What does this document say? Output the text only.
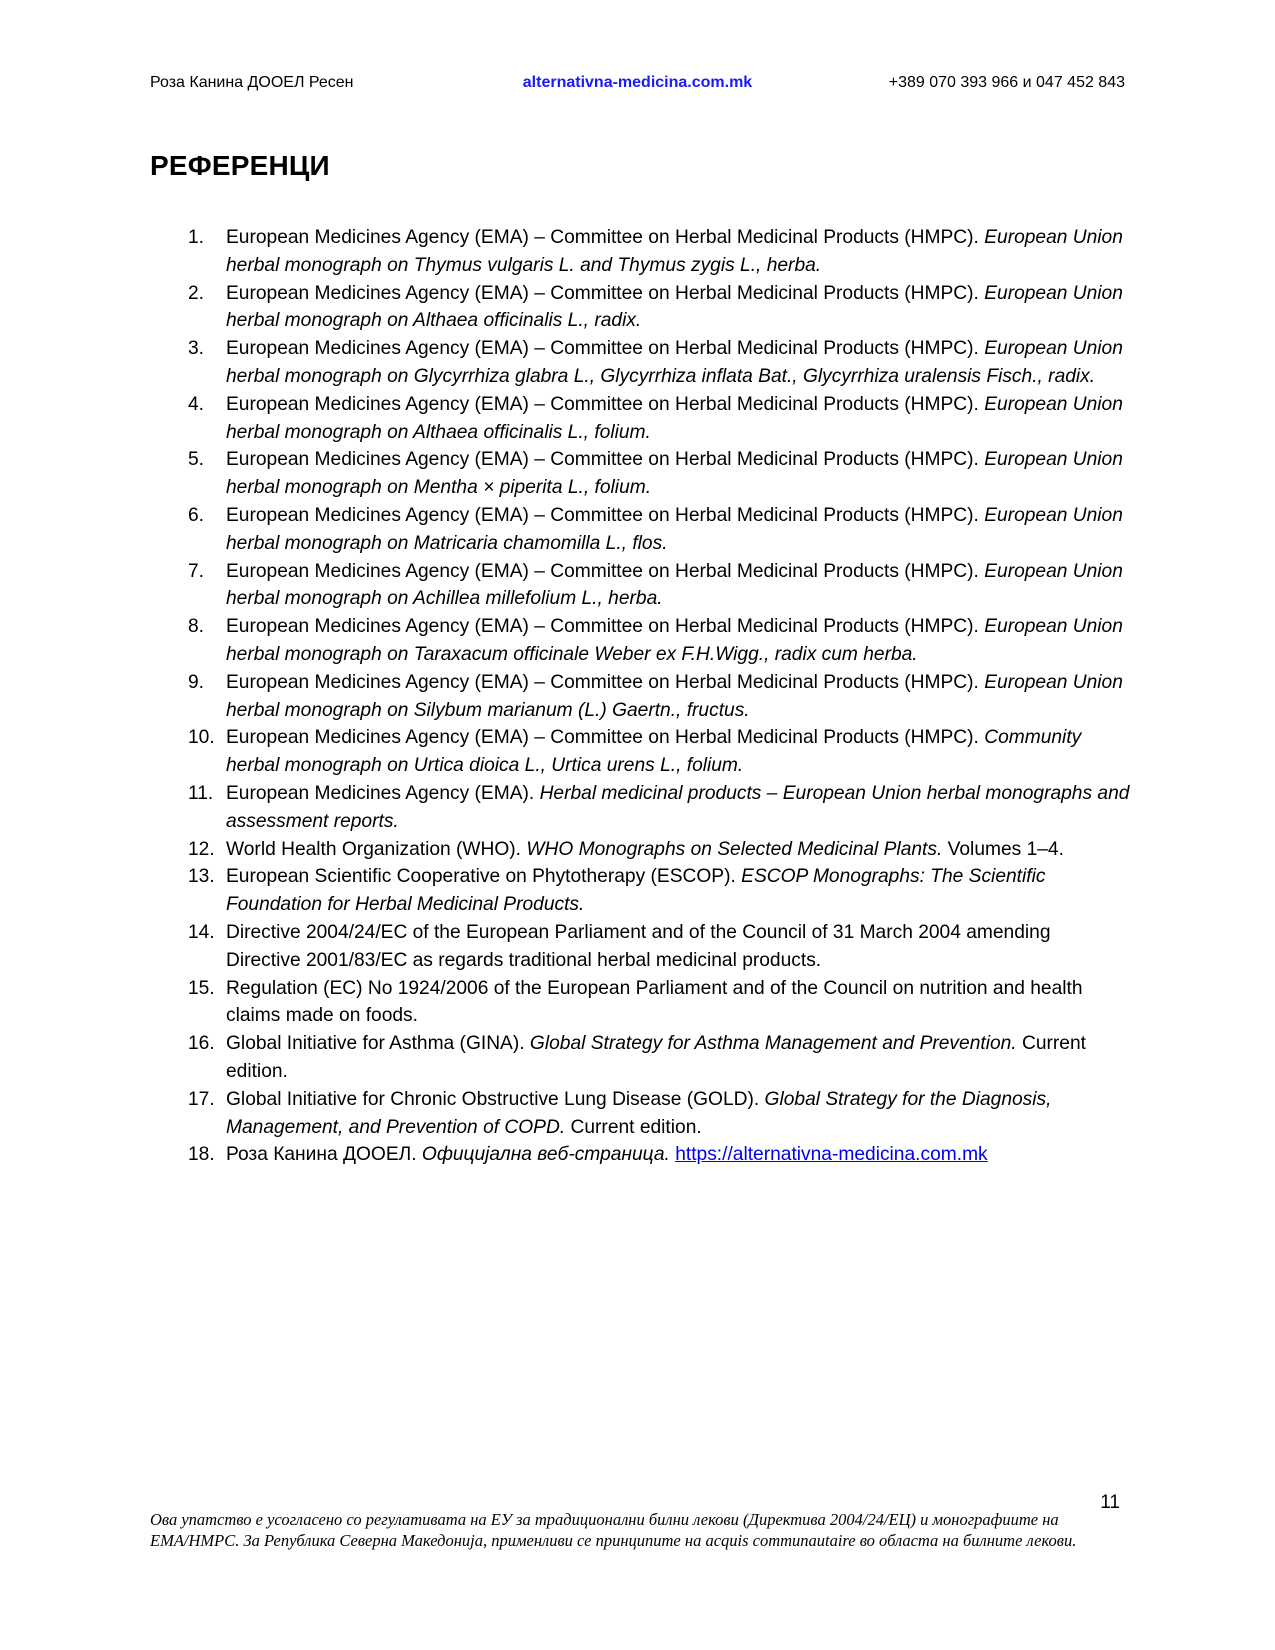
Роза Канина ДООЕЛ Ресен	alternativna-medicina.com.mk	+389 070 393 966 и 047 452 843
РЕФЕРЕНЦИ
1. European Medicines Agency (EMA) – Committee on Herbal Medicinal Products (HMPC). European Union herbal monograph on Thymus vulgaris L. and Thymus zygis L., herba.
2. European Medicines Agency (EMA) – Committee on Herbal Medicinal Products (HMPC). European Union herbal monograph on Althaea officinalis L., radix.
3. European Medicines Agency (EMA) – Committee on Herbal Medicinal Products (HMPC). European Union herbal monograph on Glycyrrhiza glabra L., Glycyrrhiza inflata Bat., Glycyrrhiza uralensis Fisch., radix.
4. European Medicines Agency (EMA) – Committee on Herbal Medicinal Products (HMPC). European Union herbal monograph on Althaea officinalis L., folium.
5. European Medicines Agency (EMA) – Committee on Herbal Medicinal Products (HMPC). European Union herbal monograph on Mentha × piperita L., folium.
6. European Medicines Agency (EMA) – Committee on Herbal Medicinal Products (HMPC). European Union herbal monograph on Matricaria chamomilla L., flos.
7. European Medicines Agency (EMA) – Committee on Herbal Medicinal Products (HMPC). European Union herbal monograph on Achillea millefolium L., herba.
8. European Medicines Agency (EMA) – Committee on Herbal Medicinal Products (HMPC). European Union herbal monograph on Taraxacum officinale Weber ex F.H.Wigg., radix cum herba.
9. European Medicines Agency (EMA) – Committee on Herbal Medicinal Products (HMPC). European Union herbal monograph on Silybum marianum (L.) Gaertn., fructus.
10. European Medicines Agency (EMA) – Committee on Herbal Medicinal Products (HMPC). Community herbal monograph on Urtica dioica L., Urtica urens L., folium.
11. European Medicines Agency (EMA). Herbal medicinal products – European Union herbal monographs and assessment reports.
12. World Health Organization (WHO). WHO Monographs on Selected Medicinal Plants. Volumes 1–4.
13. European Scientific Cooperative on Phytotherapy (ESCOP). ESCOP Monographs: The Scientific Foundation for Herbal Medicinal Products.
14. Directive 2004/24/EC of the European Parliament and of the Council of 31 March 2004 amending Directive 2001/83/EC as regards traditional herbal medicinal products.
15. Regulation (EC) No 1924/2006 of the European Parliament and of the Council on nutrition and health claims made on foods.
16. Global Initiative for Asthma (GINA). Global Strategy for Asthma Management and Prevention. Current edition.
17. Global Initiative for Chronic Obstructive Lung Disease (GOLD). Global Strategy for the Diagnosis, Management, and Prevention of COPD. Current edition.
18. Роза Канина ДООЕЛ. Официјална веб-страница. https://alternativna-medicina.com.mk
11
Ова упатство е усогласено со регулативата на ЕУ за традиционални билни лекови (Директива 2004/24/ЕЦ) и монографиите на ЕМА/HMPC. За Република Северна Македонија, применливи се принципите на acquis communautaire во областа на билните лекови.
